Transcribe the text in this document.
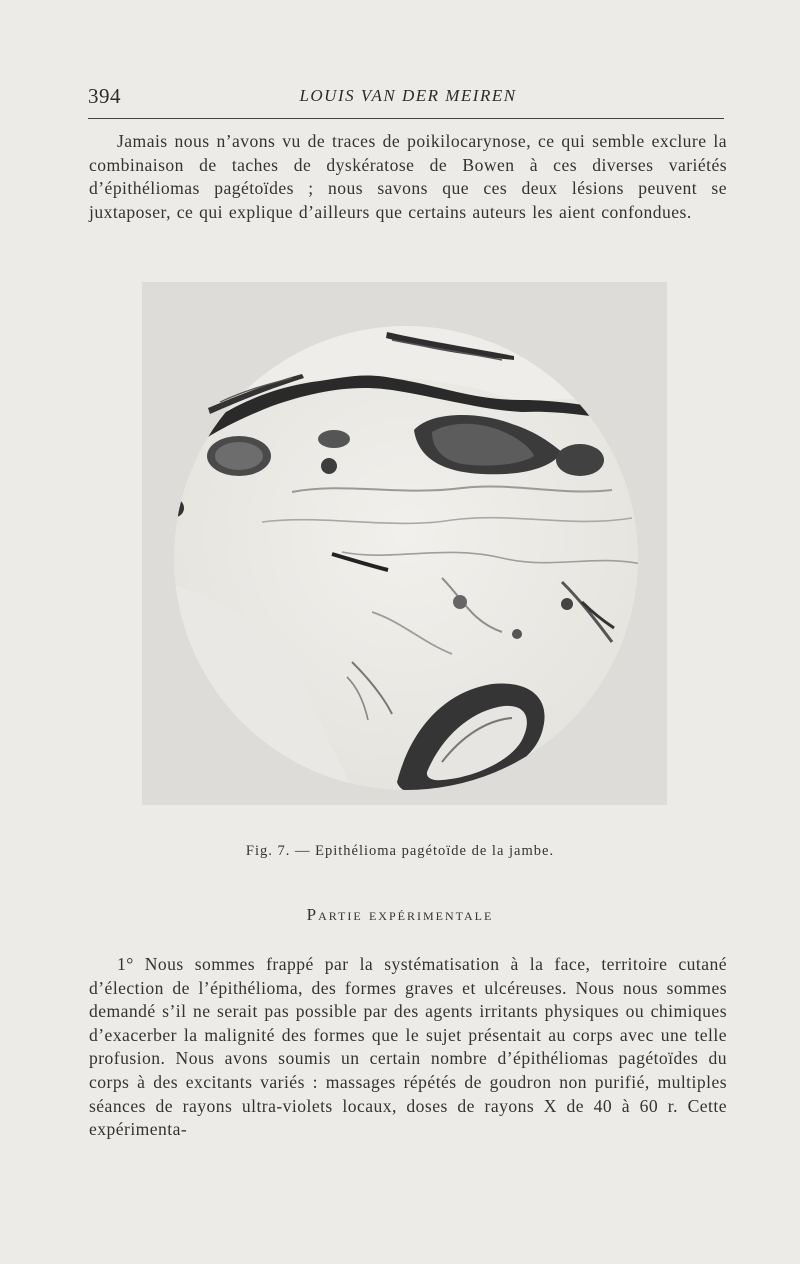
394	LOUIS VAN DER MEIREN

Jamais nous n’avons vu de traces de poikilocarynose, ce qui semble exclure la combinaison de taches de dyskératose de Bowen à ces diverses variétés d’épithéliomas pagétoïdes ; nous savons que ces deux lésions peuvent se juxtaposer, ce qui explique d’ailleurs que certains auteurs les aient confondues.

Fig. 7. — Epithélioma pagétoïde de la jambe.
Partie expérimentale

1° Nous sommes frappé par la systématisation à la face, territoire cutané d’élection de l’épithélioma, des formes graves et ulcéreuses. Nous nous sommes demandé s’il ne serait pas possible par des agents irritants physiques ou chimiques d’exacerber la malignité des formes que le sujet présentait au corps avec une telle profusion. Nous avons soumis un certain nombre d’épithéliomas pagétoïdes du corps à des excitants variés : massages répétés de goudron non purifié, multiples séances de rayons ultra-violets locaux, doses de rayons X de 40 à 60 r. Cette expérimenta-
